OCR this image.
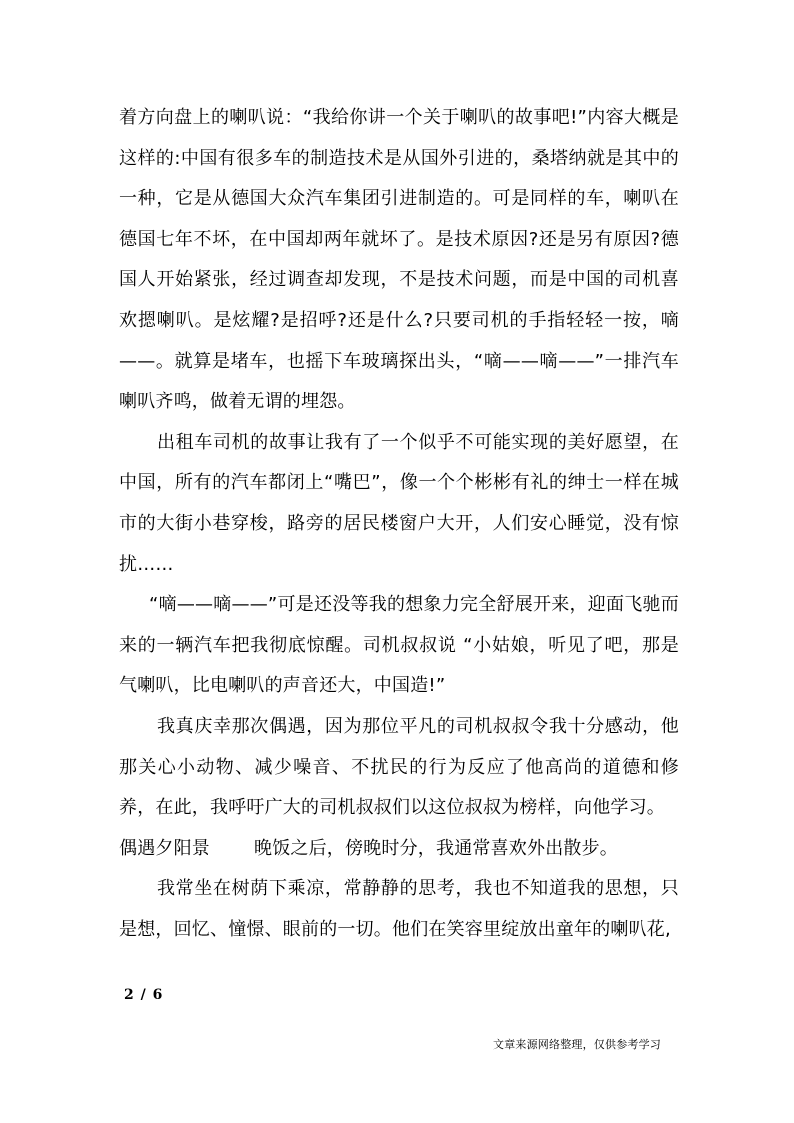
着方向盘上的喇叭说：“我给你讲一个关于喇叭的故事吧!”内容大概是这样的:中国有很多车的制造技术是从国外引进的，桑塔纳就是其中的一种，它是从德国大众汽车集团引进制造的。可是同样的车，喇叭在德国七年不坏，在中国却两年就坏了。是技术原因?还是另有原因?德国人开始紧张，经过调查却发现，不是技术问题，而是中国的司机喜欢摁喇叭。是炫耀?是招呼?还是什么?只要司机的手指轻轻一按，嘀——。就算是堵车，也摇下车玻璃探出头，“嘀——嘀——”一排汽车喇叭齐鸣，做着无谓的埋怨。

出租车司机的故事让我有了一个似乎不可能实现的美好愿望，在中国，所有的汽车都闭上“嘴巴”，像一个个彬彬有礼的绅士一样在城市的大街小巷穿梭，路旁的居民楼窗户大开，人们安心睡觉，没有惊扰……

“嘀——嘀——”可是还没等我的想象力完全舒展开来，迎面飞驰而来的一辆汽车把我彻底惊醒。司机叔叔说 “小姑娘，听见了吧，那是气喇叭，比电喇叭的声音还大，中国造!”

我真庆幸那次偶遇，因为那位平凡的司机叔叔令我十分感动，他那关心小动物、减少噪音、不扰民的行为反应了他高尚的道德和修养，在此，我呼吁广大的司机叔叔们以这位叔叔为榜样，向他学习。

偶遇夕阳景 晚饭之后，傍晚时分，我通常喜欢外出散步。

我常坐在树荫下乘凉，常静静的思考，我也不知道我的思想，只是想，回忆、憧憬、眼前的一切。他们在笑容里绽放出童年的喇叭花,

2 / 6
文章来源网络整理，仅供参考学习
